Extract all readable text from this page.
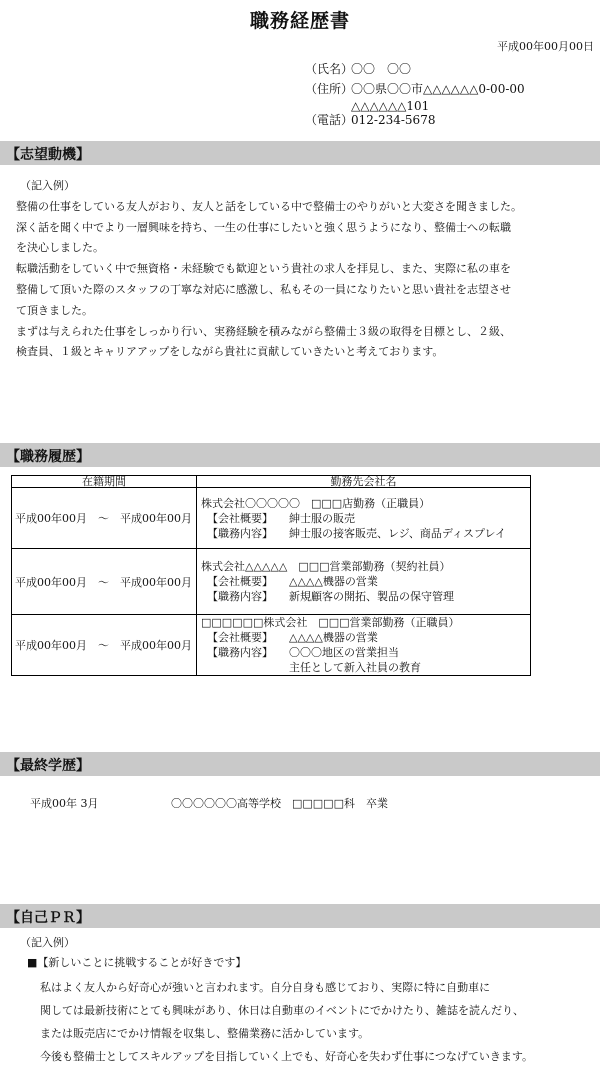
職務経歴書
平成00年00月00日
（氏名）〇〇　〇〇
（住所）〇〇県〇〇市△△△△△△0-00-00
△△△△△△101
（電話）012-234-5678
【志望動機】
（記入例）
整備の仕事をしている友人がおり、友人と話をしている中で整備士のやりがいと大変さを聞きました。
深く話を聞く中でより一層興味を持ち、一生の仕事にしたいと強く思うようになり、整備士への転職
を決心しました。
転職活動をしていく中で無資格・未経験でも歓迎という貴社の求人を拝見し、また、実際に私の車を
整備して頂いた際のスタッフの丁寧な対応に感激し、私もその一員になりたいと思い貴社を志望させ
て頂きました。
まずは与えられた仕事をしっかり行い、実務経験を積みながら整備士３級の取得を目標とし、２級、
検査員、１級とキャリアアップをしながら貴社に貢献していきたいと考えております。
【職務履歴】
在籍期間	勤務先会社名
平成00年00月　～　平成00年00月	株式会社〇〇〇〇〇　□□□店勤務（正職員）
【会社概要】 紳士服の販売
【職務内容】 紳士服の接客販売、レジ、商品ディスプレイ

平成00年00月　～　平成00年00月	株式会社△△△△△　□□□営業部勤務（契約社員）
【会社概要】 △△△△機器の営業
【職務内容】 新規顧客の開拓、製品の保守管理

平成00年00月　～　平成00年00月	□□□□□□株式会社　□□□営業部勤務（正職員）
【会社概要】 △△△△機器の営業
【職務内容】 〇〇〇地区の営業担当
主任として新入社員の教育
【最終学歴】
平成00年 3月	〇〇〇〇〇〇高等学校　□□□□□科　卒業
【自己ＰＲ】
（記入例）
■【新しいことに挑戦することが好きです】
私はよく友人から好奇心が強いと言われます。自分自身も感じており、実際に特に自動車に
関しては最新技術にとても興味があり、休日は自動車のイベントにでかけたり、雑誌を読んだり、
または販売店にでかけ情報を収集し、整備業務に活かしています。
今後も整備士としてスキルアップを目指していく上でも、好奇心を失わず仕事につなげていきます。
